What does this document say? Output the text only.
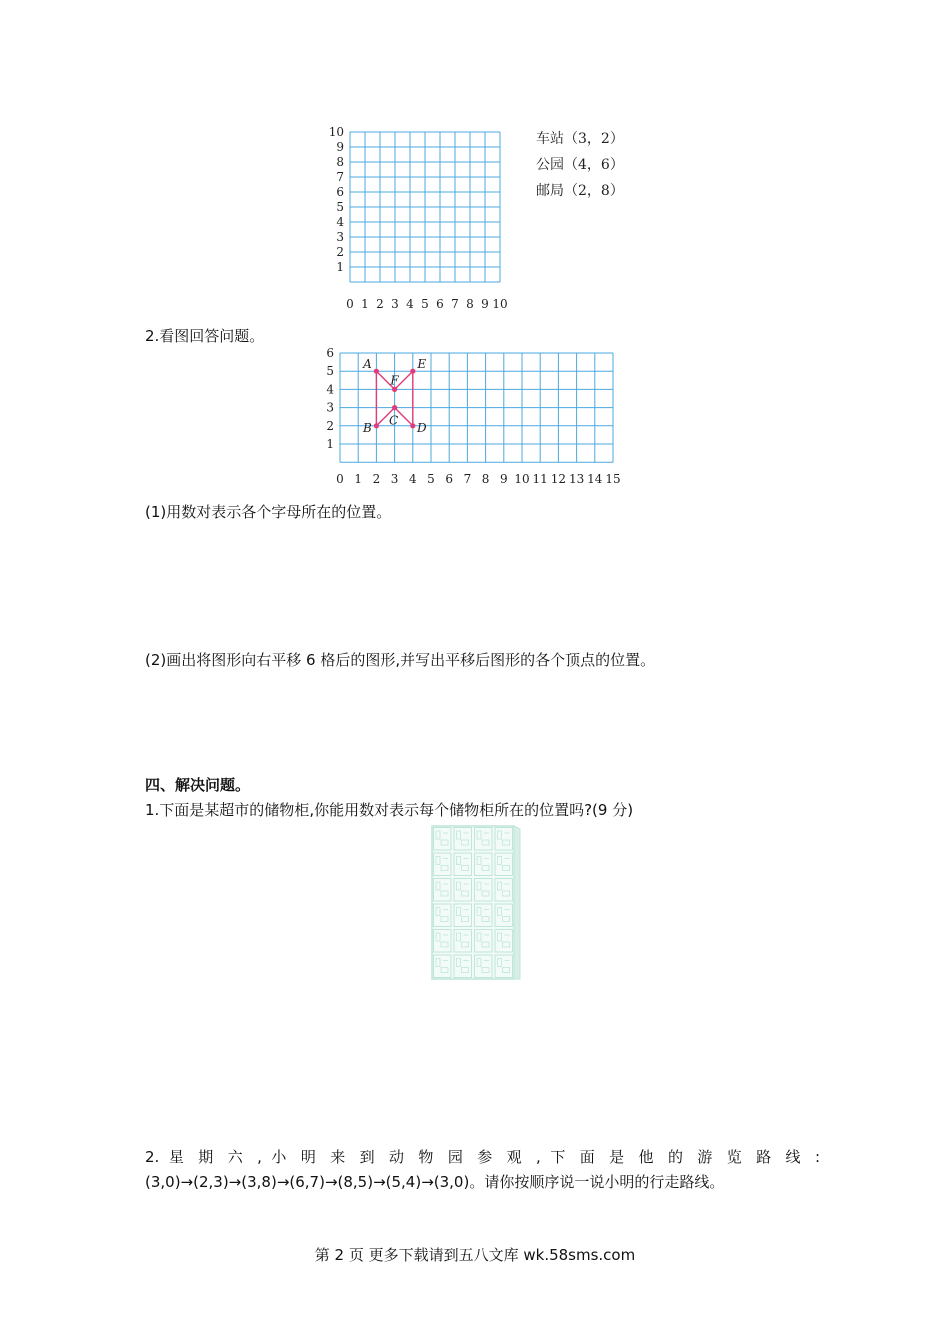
10
9
8
7
6
5
4
3
2
1
0 1 2 3 4 5 6 7 8 9 10
车站（3，2）
公园（4，6）
邮局（2，8）
2.看图回答问题。
6
5
4
3
2
1
0 1 2 3 4 5 6 7 8 9 10 11 12 13 14 15
A	E
F
C
B	D
(1)用数对表示各个字母所在的位置。
(2)画出将图形向右平移 6 格后的图形,并写出平移后图形的各个顶点的位置。
四、解决问题。
1.下面是某超市的储物柜,你能用数对表示每个储物柜所在的位置吗?(9 分)
2. 星 期 六 , 小 明 来 到 动 物 园 参 观 , 下 面 是 他 的 游 览 路 线 :
(3,0)→(2,3)→(3,8)→(6,7)→(8,5)→(5,4)→(3,0)。请你按顺序说一说小明的行走路线。
第 2 页 更多下载请到五八文库 wk.58sms.com
